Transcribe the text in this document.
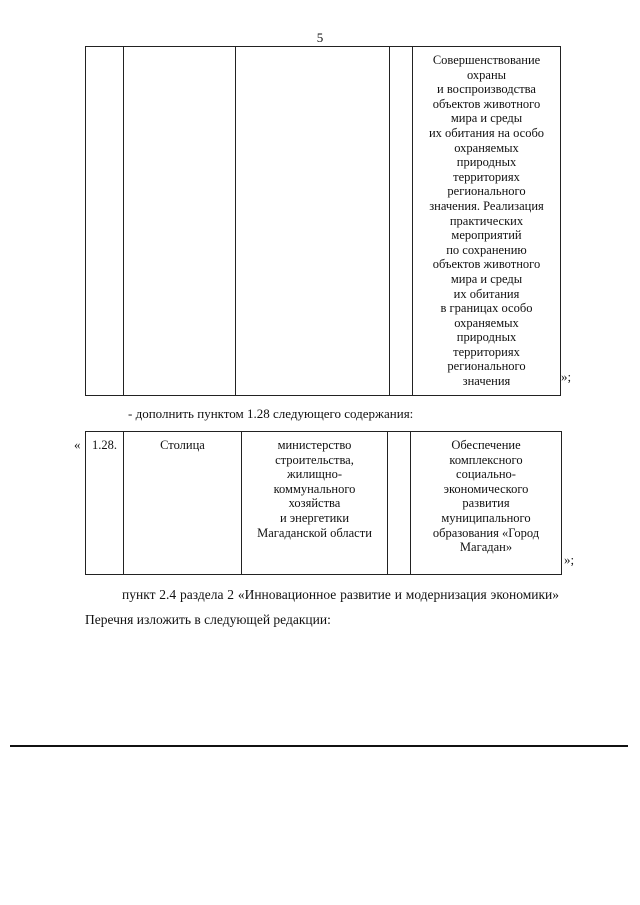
5
				Совершенствование
охраны
и воспроизводства
объектов животного
мира и среды
их обитания на особо
охраняемых
природных
территориях
регионального
значения. Реализация
практических
мероприятий
по сохранению
объектов животного
мира и среды
их обитания
в границах особо
охраняемых
природных
территориях
регионального
значения	»;
- дополнить пунктом 1.28 следующего содержания:
« 1.28.	Столица	министерство
строительства,
жилищно-
коммунального
хозяйства
и энергетики
Магаданской области		Обеспечение
комплексного
социально-
экономического
развития
муниципального
образования «Город
Магадан»
»;
пункт 2.4 раздела 2 «Инновационное развитие и модернизация экономики» Перечня изложить в следующей редакции:
